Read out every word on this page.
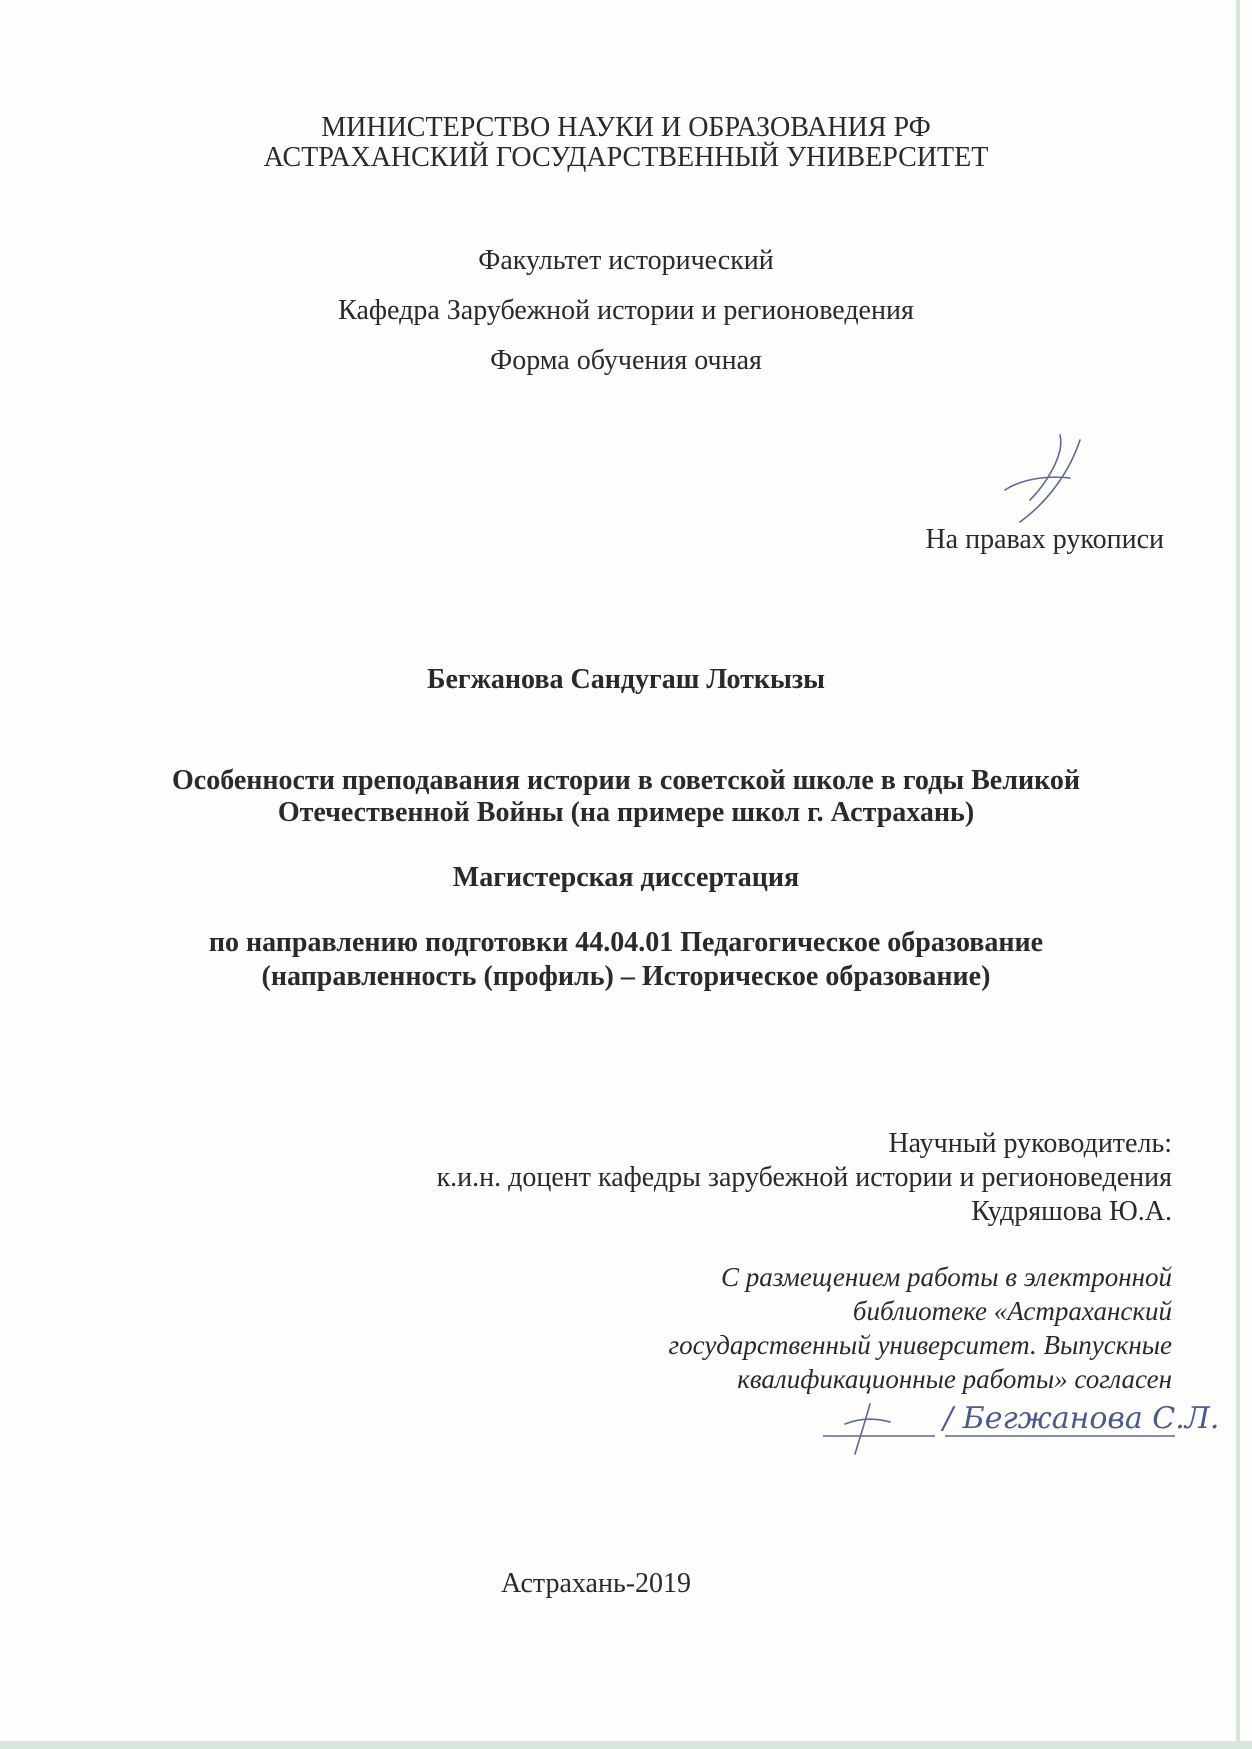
МИНИСТЕРСТВО НАУКИ И ОБРАЗОВАНИЯ РФ
АСТРАХАНСКИЙ ГОСУДАРСТВЕННЫЙ УНИВЕРСИТЕТ
Факультет исторический
Кафедра Зарубежной истории и регионоведения
Форма обучения очная
На правах рукописи
Бегжанова Сандугаш Лоткызы
Особенности преподавания истории в советской школе в годы Великой
Отечественной Войны (на примере школ г. Астрахань)
Магистерская диссертация
по направлению подготовки 44.04.01 Педагогическое образование
(направленность (профиль) – Историческое образование)
Научный руководитель:
к.и.н. доцент кафедры зарубежной истории и регионоведения
Кудряшова Ю.А.
С размещением работы в электронной
библиотеке «Астраханский
государственный университет. Выпускные
квалификационные работы» согласен
/ Бегжанова С.Л.
Астрахань-2019
